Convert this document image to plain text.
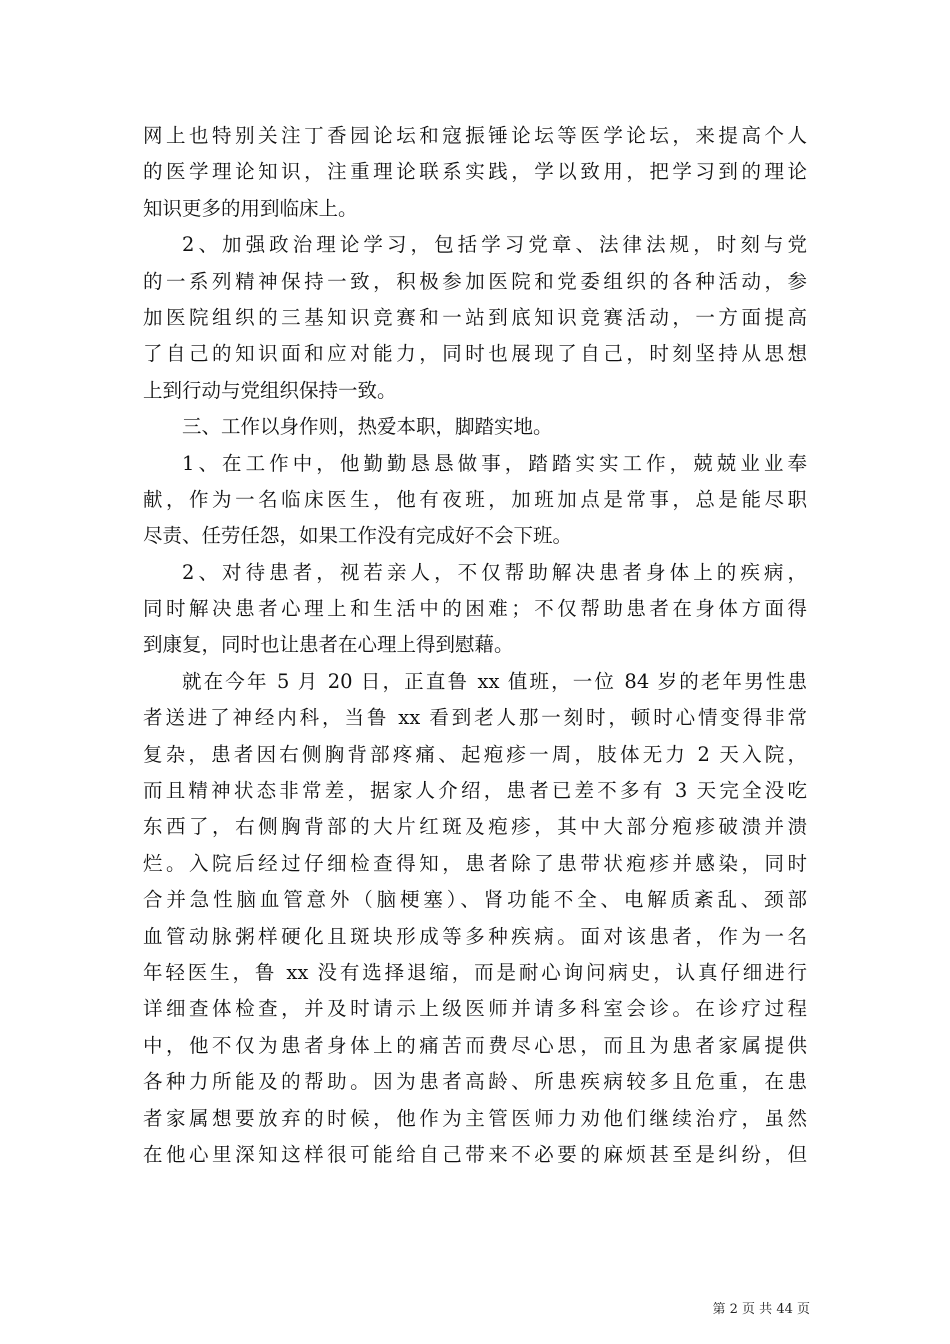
网上也特别关注丁香园论坛和寇振锤论坛等医学论坛，来提高个人
的医学理论知识，注重理论联系实践，学以致用，把学习到的理论
知识更多的用到临床上。
2、加强政治理论学习，包括学习党章、法律法规，时刻与党
的一系列精神保持一致，积极参加医院和党委组织的各种活动，参
加医院组织的三基知识竞赛和一站到底知识竞赛活动，一方面提高
了自己的知识面和应对能力，同时也展现了自己，时刻坚持从思想
上到行动与党组织保持一致。
三、工作以身作则，热爱本职，脚踏实地。
1、在工作中，他勤勤恳恳做事，踏踏实实工作，兢兢业业奉
献，作为一名临床医生，他有夜班，加班加点是常事，总是能尽职
尽责、任劳任怨，如果工作没有完成好不会下班。
2、对待患者，视若亲人，不仅帮助解决患者身体上的疾病，
同时解决患者心理上和生活中的困难；不仅帮助患者在身体方面得
到康复，同时也让患者在心理上得到慰藉。
就在今年 5 月 20 日，正直鲁 xx 值班，一位 84 岁的老年男性患
者送进了神经内科，当鲁 xx 看到老人那一刻时，顿时心情变得非常
复杂，患者因右侧胸背部疼痛、起疱疹一周，肢体无力 2 天入院，
而且精神状态非常差，据家人介绍，患者已差不多有 3 天完全没吃
东西了，右侧胸背部的大片红斑及疱疹，其中大部分疱疹破溃并溃
烂。入院后经过仔细检查得知，患者除了患带状疱疹并感染，同时
合并急性脑血管意外（脑梗塞）、肾功能不全、电解质紊乱、颈部
血管动脉粥样硬化且斑块形成等多种疾病。面对该患者，作为一名
年轻医生，鲁 xx 没有选择退缩，而是耐心询问病史，认真仔细进行
详细查体检查，并及时请示上级医师并请多科室会诊。在诊疗过程
中，他不仅为患者身体上的痛苦而费尽心思，而且为患者家属提供
各种力所能及的帮助。因为患者高龄、所患疾病较多且危重，在患
者家属想要放弃的时候，他作为主管医师力劝他们继续治疗，虽然
在他心里深知这样很可能给自己带来不必要的麻烦甚至是纠纷，但
第 2 页 共 44 页
